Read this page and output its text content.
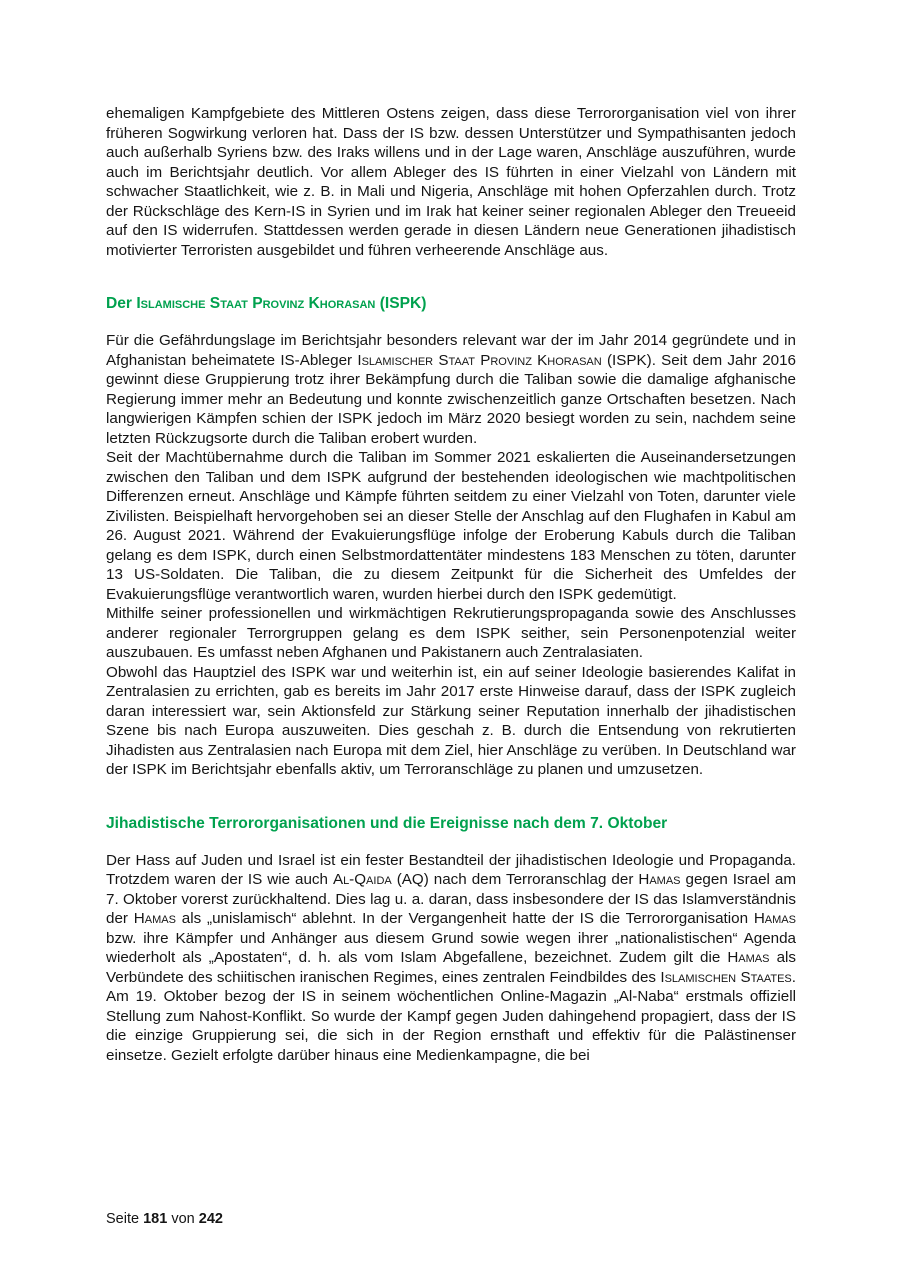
ehemaligen Kampfgebiete des Mittleren Ostens zeigen, dass diese Terrororganisation viel von ihrer früheren Sogwirkung verloren hat. Dass der IS bzw. dessen Unterstützer und Sympathisanten jedoch auch außerhalb Syriens bzw. des Iraks willens und in der Lage waren, Anschläge auszuführen, wurde auch im Berichtsjahr deutlich. Vor allem Ableger des IS führten in einer Vielzahl von Ländern mit schwacher Staatlichkeit, wie z. B. in Mali und Nigeria, Anschläge mit hohen Opferzahlen durch. Trotz der Rückschläge des Kern-IS in Syrien und im Irak hat keiner seiner regionalen Ableger den Treueeid auf den IS widerrufen. Stattdessen werden gerade in diesen Ländern neue Generationen jihadistisch motivierter Terroristen ausgebildet und führen verheerende Anschläge aus.

Der Islamische Staat Provinz Khorasan (ISPK)

Für die Gefährdungslage im Berichtsjahr besonders relevant war der im Jahr 2014 gegründete und in Afghanistan beheimatete IS-Ableger Islamischer Staat Provinz Khorasan (ISPK). Seit dem Jahr 2016 gewinnt diese Gruppierung trotz ihrer Bekämpfung durch die Taliban sowie die damalige afghanische Regierung immer mehr an Bedeutung und konnte zwischenzeitlich ganze Ortschaften besetzen. Nach langwierigen Kämpfen schien der ISPK jedoch im März 2020 besiegt worden zu sein, nachdem seine letzten Rückzugsorte durch die Taliban erobert wurden.

Seit der Machtübernahme durch die Taliban im Sommer 2021 eskalierten die Auseinandersetzungen zwischen den Taliban und dem ISPK aufgrund der bestehenden ideologischen wie machtpolitischen Differenzen erneut. Anschläge und Kämpfe führten seitdem zu einer Vielzahl von Toten, darunter viele Zivilisten. Beispielhaft hervorgehoben sei an dieser Stelle der Anschlag auf den Flughafen in Kabul am 26. August 2021. Während der Evakuierungsflüge infolge der Eroberung Kabuls durch die Taliban gelang es dem ISPK, durch einen Selbstmordattentäter mindestens 183 Menschen zu töten, darunter 13 US-Soldaten. Die Taliban, die zu diesem Zeitpunkt für die Sicherheit des Umfeldes der Evakuierungsflüge verantwortlich waren, wurden hierbei durch den ISPK gedemütigt.

Mithilfe seiner professionellen und wirkmächtigen Rekrutierungspropaganda sowie des Anschlusses anderer regionaler Terrorgruppen gelang es dem ISPK seither, sein Personenpotenzial weiter auszubauen. Es umfasst neben Afghanen und Pakistanern auch Zentralasiaten.

Obwohl das Hauptziel des ISPK war und weiterhin ist, ein auf seiner Ideologie basierendes Kalifat in Zentralasien zu errichten, gab es bereits im Jahr 2017 erste Hinweise darauf, dass der ISPK zugleich daran interessiert war, sein Aktionsfeld zur Stärkung seiner Reputation innerhalb der jihadistischen Szene bis nach Europa auszuweiten. Dies geschah z. B. durch die Entsendung von rekrutierten Jihadisten aus Zentralasien nach Europa mit dem Ziel, hier Anschläge zu verüben. In Deutschland war der ISPK im Berichtsjahr ebenfalls aktiv, um Terroranschläge zu planen und umzusetzen.

Jihadistische Terrororganisationen und die Ereignisse nach dem 7. Oktober

Der Hass auf Juden und Israel ist ein fester Bestandteil der jihadistischen Ideologie und Propaganda. Trotzdem waren der IS wie auch Al-Qaida (AQ) nach dem Terroranschlag der Hamas gegen Israel am 7. Oktober vorerst zurückhaltend. Dies lag u. a. daran, dass insbesondere der IS das Islamverständnis der Hamas als „unislamisch“ ablehnt. In der Vergangenheit hatte der IS die Terrororganisation Hamas bzw. ihre Kämpfer und Anhänger aus diesem Grund sowie wegen ihrer „nationalistischen“ Agenda wiederholt als „Apostaten“, d. h. als vom Islam Abgefallene, bezeichnet. Zudem gilt die Hamas als Verbündete des schiitischen iranischen Regimes, eines zentralen Feindbildes des Islamischen Staates. Am 19. Oktober bezog der IS in seinem wöchentlichen Online-Magazin „Al-Naba“ erstmals offiziell Stellung zum Nahost-Konflikt. So wurde der Kampf gegen Juden dahingehend propagiert, dass der IS die einzige Gruppierung sei, die sich in der Region ernsthaft und effektiv für die Palästinenser einsetze. Gezielt erfolgte darüber hinaus eine Medienkampagne, die bei

Seite 181 von 242
